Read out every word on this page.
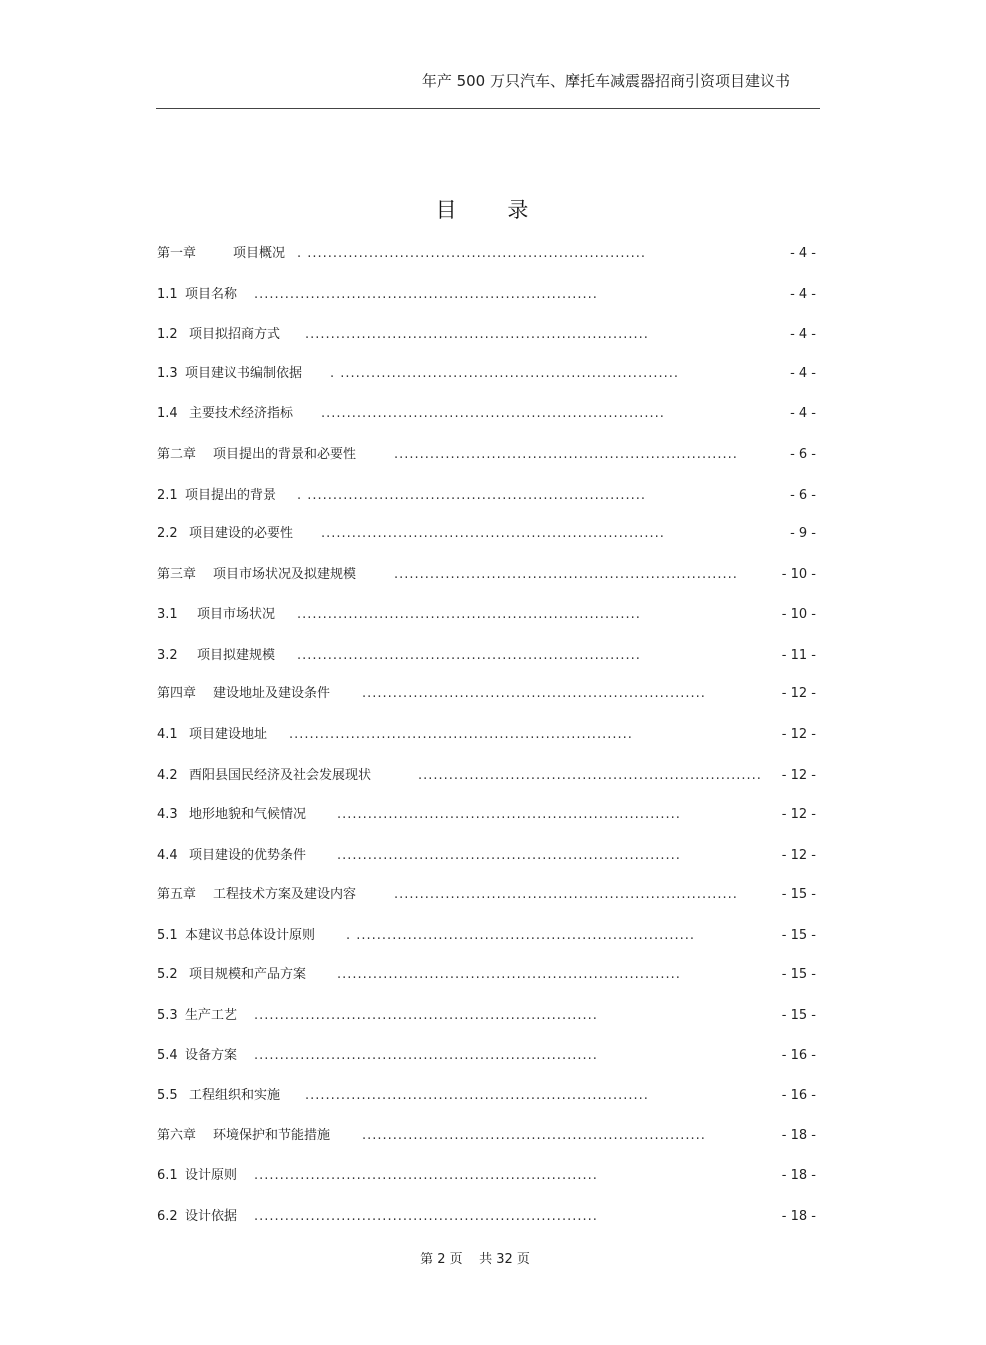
年产 500 万只汽车、摩托车减震器招商引资项目建议书
目 录
第一章	项目概况 . ..................................................................	- 4 -
1.1 项目名称 ...................................................................	- 4 -
1.2 项目拟招商方式 ...................................................................	- 4 -
1.3 项目建议书编制依据 . ..................................................................	- 4 -
1.4 主要技术经济指标 ...................................................................	- 4 -
第二章 项目提出的背景和必要性	...................................................................	- 6 -
2.1 项目提出的背景 . ..................................................................	- 6 -
2.2 项目建设的必要性 ...................................................................	- 9 -
第三章 项目市场状况及拟建规模	...................................................................	- 10 -
3.1 项目市场状况 ...................................................................	- 10 -
3.2 项目拟建规模 ...................................................................	- 11 -
第四章 建设地址及建设条件 ...................................................................	- 12 -
4.1 项目建设地址 ...................................................................	- 12 -
4.2 酉阳县国民经济及社会发展现状	................................................................... - 12 -
4.3 地形地貌和气候情况 ...................................................................	- 12 -
4.4 项目建设的优势条件 ...................................................................	- 12 -
第五章 工程技术方案及建设内容	...................................................................	- 15 -
5.1 本建议书总体设计原则 . ..................................................................	- 15 -
5.2 项目规模和产品方案 ...................................................................	- 15 -
5.3 生产工艺 ...................................................................	- 15 -
5.4 设备方案 ...................................................................	- 16 -
5.5 工程组织和实施 ...................................................................	- 16 -
第六章 环境保护和节能措施 ...................................................................	- 18 -
6.1 设计原则 ...................................................................	- 18 -
6.2 设计依据 ...................................................................	- 18 -
第 2 页    共 32 页
